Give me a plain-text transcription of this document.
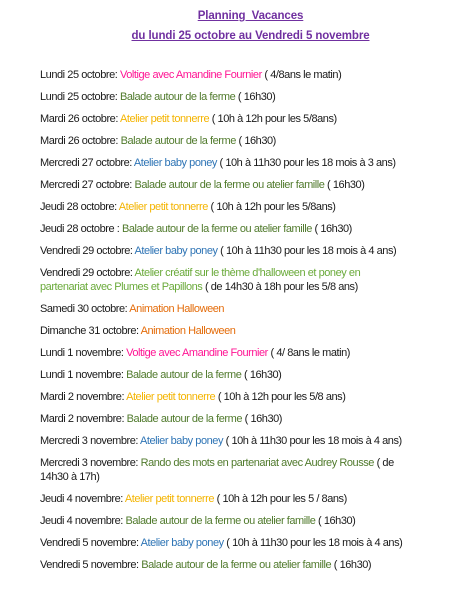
Planning  Vacances
du lundi 25 octobre au Vendredi 5 novembre
Lundi 25 octobre: Voltige avec Amandine Fournier ( 4/8ans le matin)
Lundi 25 octobre: Balade autour de la ferme ( 16h30)
Mardi 26 octobre: Atelier petit tonnerre ( 10h à 12h pour les 5/8ans)
Mardi 26 octobre: Balade autour de la ferme ( 16h30)
Mercredi 27 octobre: Atelier baby poney ( 10h à 11h30 pour les 18 mois à 3 ans)
Mercredi 27 octobre: Balade autour de la ferme ou atelier famille ( 16h30)
Jeudi 28 octobre: Atelier petit tonnerre ( 10h à 12h pour les 5/8ans)
Jeudi 28 octobre : Balade autour de la ferme ou atelier famille ( 16h30)
Vendredi 29 octobre: Atelier baby poney ( 10h à 11h30 pour les 18 mois à 4 ans)
Vendredi 29 octobre: Atelier créatif sur le thème d'halloween et poney en partenariat avec Plumes et Papillons ( de 14h30 à 18h pour les 5/8 ans)
Samedi 30 octobre: Animation Halloween
Dimanche 31 octobre: Animation Halloween
Lundi 1 novembre: Voltige avec Amandine Fournier ( 4/ 8ans le matin)
Lundi 1 novembre: Balade autour de la ferme ( 16h30)
Mardi 2 novembre: Atelier petit tonnerre ( 10h à 12h pour les 5/8 ans)
Mardi 2 novembre: Balade autour de la ferme ( 16h30)
Mercredi 3 novembre: Atelier baby poney ( 10h à 11h30 pour les 18 mois à 4 ans)
Mercredi 3 novembre: Rando des mots en partenariat avec Audrey Rousse ( de 14h30 à 17h)
Jeudi 4 novembre: Atelier petit tonnerre ( 10h à 12h pour les 5 / 8ans)
Jeudi 4 novembre: Balade autour de la ferme ou atelier famille ( 16h30)
Vendredi 5 novembre: Atelier baby poney ( 10h à 11h30 pour les 18 mois à 4 ans)
Vendredi 5 novembre: Balade autour de la ferme ou atelier famille ( 16h30)
